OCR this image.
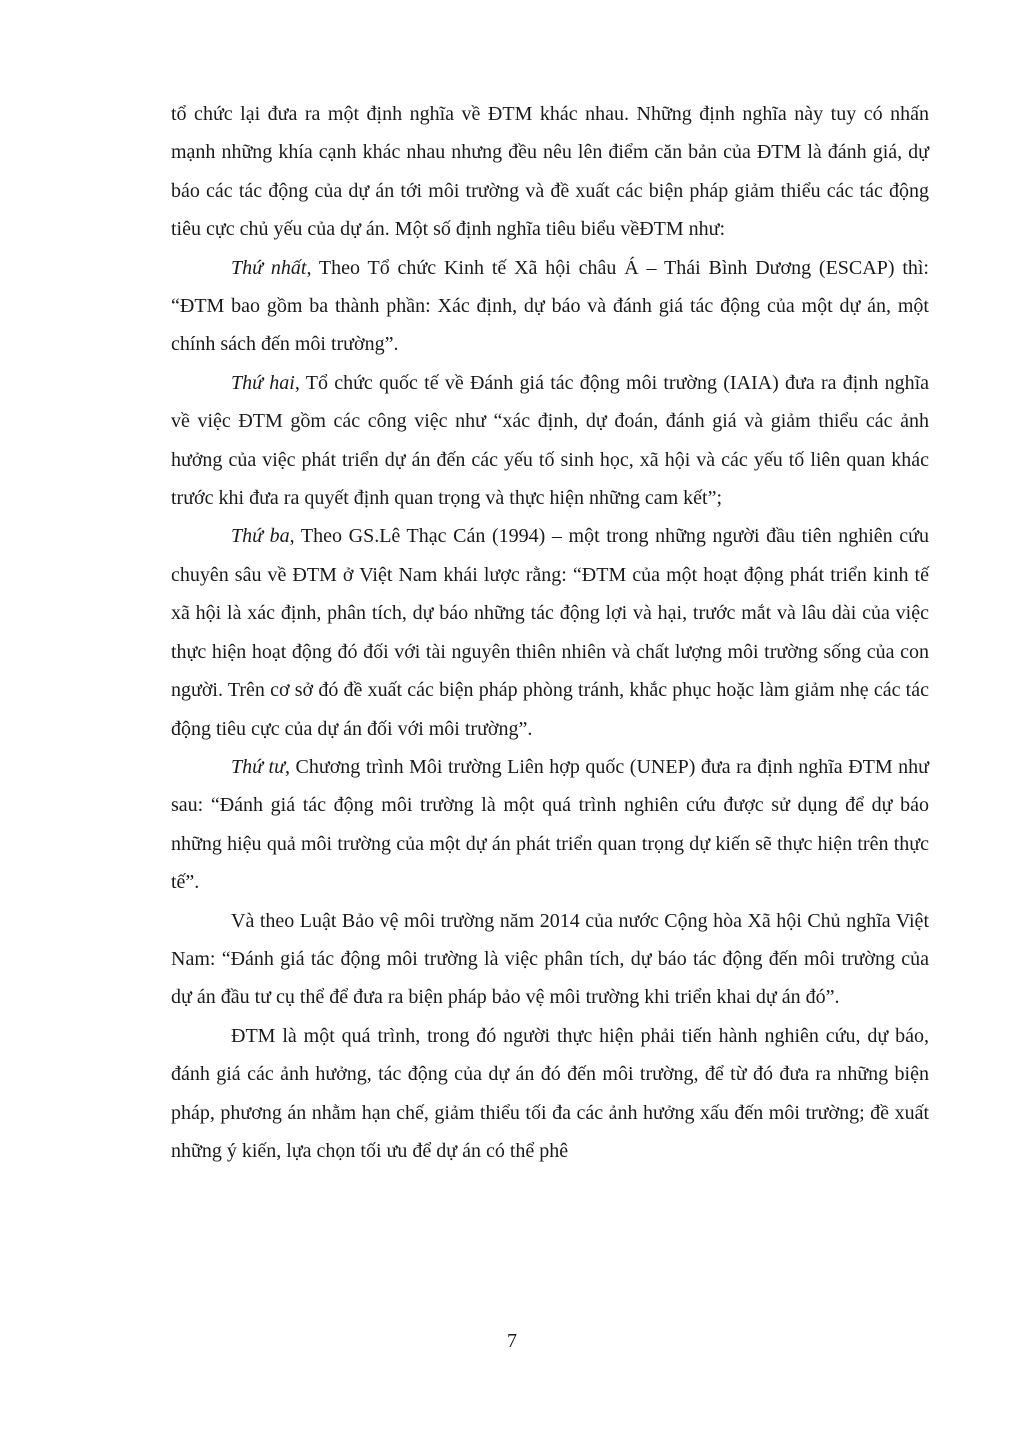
tổ chức lại đưa ra một định nghĩa về ĐTM khác nhau. Những định nghĩa này tuy có nhấn mạnh những khía cạnh khác nhau nhưng đều nêu lên điểm căn bản của ĐTM là đánh giá, dự báo các tác động của dự án tới môi trường và đề xuất các biện pháp giảm thiểu các tác động tiêu cực chủ yếu của dự án. Một số định nghĩa tiêu biểu vềĐTM như:

Thứ nhất, Theo Tổ chức Kinh tế Xã hội châu Á – Thái Bình Dương (ESCAP) thì: “ĐTM bao gồm ba thành phần: Xác định, dự báo và đánh giá tác động của một dự án, một chính sách đến môi trường”.

Thứ hai, Tổ chức quốc tế về Đánh giá tác động môi trường (IAIA) đưa ra định nghĩa về việc ĐTM gồm các công việc như “xác định, dự đoán, đánh giá và giảm thiểu các ảnh hưởng của việc phát triển dự án đến các yếu tố sinh học, xã hội và các yếu tố liên quan khác trước khi đưa ra quyết định quan trọng và thực hiện những cam kết”;

Thứ ba, Theo GS.Lê Thạc Cán (1994) – một trong những người đầu tiên nghiên cứu chuyên sâu về ĐTM ở Việt Nam khái lược rằng: “ĐTM của một hoạt động phát triển kinh tế xã hội là xác định, phân tích, dự báo những tác động lợi và hại, trước mắt và lâu dài của việc thực hiện hoạt động đó đối với tài nguyên thiên nhiên và chất lượng môi trường sống của con người. Trên cơ sở đó đề xuất các biện pháp phòng tránh, khắc phục hoặc làm giảm nhẹ các tác động tiêu cực của dự án đối với môi trường”.

Thứ tư, Chương trình Môi trường Liên hợp quốc (UNEP) đưa ra định nghĩa ĐTM như sau: “Đánh giá tác động môi trường là một quá trình nghiên cứu được sử dụng để dự báo những hiệu quả môi trường của một dự án phát triển quan trọng dự kiến sẽ thực hiện trên thực tế”.

Và theo Luật Bảo vệ môi trường năm 2014 của nước Cộng hòa Xã hội Chủ nghĩa Việt Nam: “Đánh giá tác động môi trường là việc phân tích, dự báo tác động đến môi trường của dự án đầu tư cụ thể để đưa ra biện pháp bảo vệ môi trường khi triển khai dự án đó”.

ĐTM là một quá trình, trong đó người thực hiện phải tiến hành nghiên cứu, dự báo, đánh giá các ảnh hưởng, tác động của dự án đó đến môi trường, để từ đó đưa ra những biện pháp, phương án nhằm hạn chế, giảm thiểu tối đa các ảnh hưởng xấu đến môi trường; đề xuất những ý kiến, lựa chọn tối ưu để dự án có thể phê

7
